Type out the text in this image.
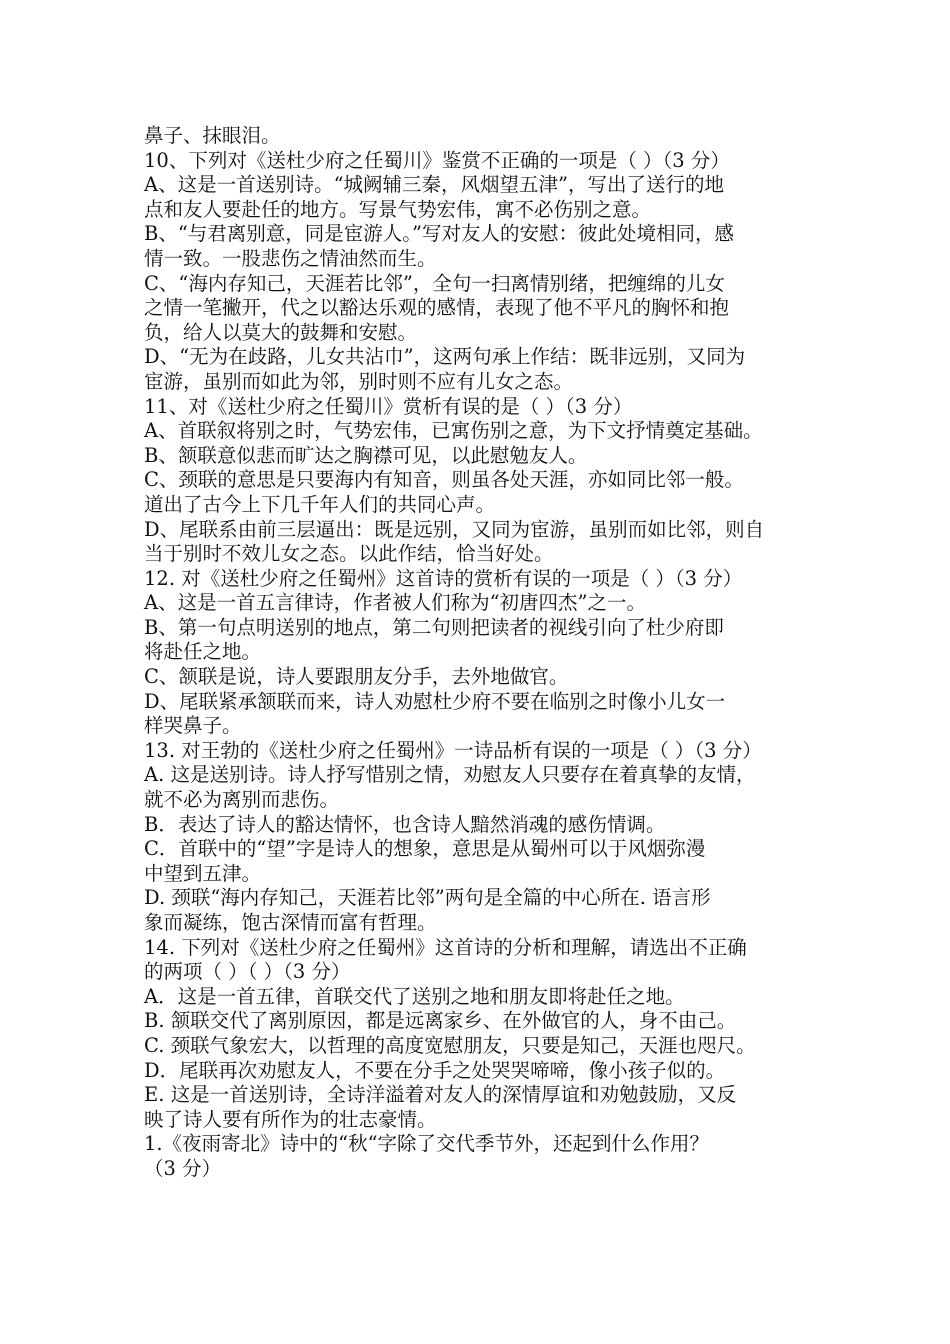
鼻子、抹眼泪。
10、下列对《送杜少府之任蜀川》鉴赏不正确的一项是（ ）（3 分）
A、这是一首送别诗。“城阙辅三秦，风烟望五津”，写出了送行的地
点和友人要赴任的地方。写景气势宏伟，寓不必伤别之意。
B、“与君离别意，同是宦游人。”写对友人的安慰：彼此处境相同，感
情一致。一股悲伤之情油然而生。
C、“海内存知己，天涯若比邻”，全句一扫离情别绪，把缠绵的儿女
之情一笔撇开，代之以豁达乐观的感情，表现了他不平凡的胸怀和抱
负，给人以莫大的鼓舞和安慰。
D、“无为在歧路，儿女共沾巾”，这两句承上作结：既非远别，又同为
宦游，虽别而如此为邻，别时则不应有儿女之态。
11、对《送杜少府之任蜀川》赏析有误的是（ ）（3 分）
A、首联叙将别之时，气势宏伟，已寓伤别之意，为下文抒情奠定基础。
B、颔联意似悲而旷达之胸襟可见，以此慰勉友人。
C、颈联的意思是只要海内有知音，则虽各处天涯，亦如同比邻一般。
道出了古今上下几千年人们的共同心声。
D、尾联系由前三层逼出：既是远别，又同为宦游，虽别而如比邻，则自
当于别时不效儿女之态。以此作结，恰当好处。
12. 对《送杜少府之任蜀州》这首诗的赏析有误的一项是（ ）（3 分）
A、这是一首五言律诗，作者被人们称为“初唐四杰”之一。
B、第一句点明送别的地点，第二句则把读者的视线引向了杜少府即
将赴任之地。
C、颔联是说，诗人要跟朋友分手，去外地做官。
D、尾联紧承颔联而来，诗人劝慰杜少府不要在临别之时像小儿女一
样哭鼻子。
13. 对王勃的《送杜少府之任蜀州》一诗品析有误的一项是（ ）（3 分）
A. 这是送别诗。诗人抒写惜别之情，劝慰友人只要存在着真挚的友情，
就不必为离别而悲伤。
B．表达了诗人的豁达情怀，也含诗人黯然消魂的感伤情调。
C．首联中的“望”字是诗人的想象，意思是从蜀州可以于风烟弥漫
中望到五津。
D. 颈联“海内存知己，天涯若比邻”两句是全篇的中心所在. 语言形
象而凝练，饱古深情而富有哲理。
14. 下列对《送杜少府之任蜀州》这首诗的分析和理解，请选出不正确
的两项（ ）（ ）（3 分）
A．这是一首五律，首联交代了送别之地和朋友即将赴任之地。
B. 颔联交代了离别原因，都是远离家乡、在外做官的人，身不由己。
C. 颈联气象宏大，以哲理的高度宽慰朋友，只要是知己，天涯也咫尺。
D．尾联再次劝慰友人，不要在分手之处哭哭啼啼，像小孩子似的。
E. 这是一首送别诗，全诗洋溢着对友人的深情厚谊和劝勉鼓励，又反
映了诗人要有所作为的壮志豪情。
1.《夜雨寄北》诗中的“秋“字除了交代季节外，还起到什么作用？
（3 分）
